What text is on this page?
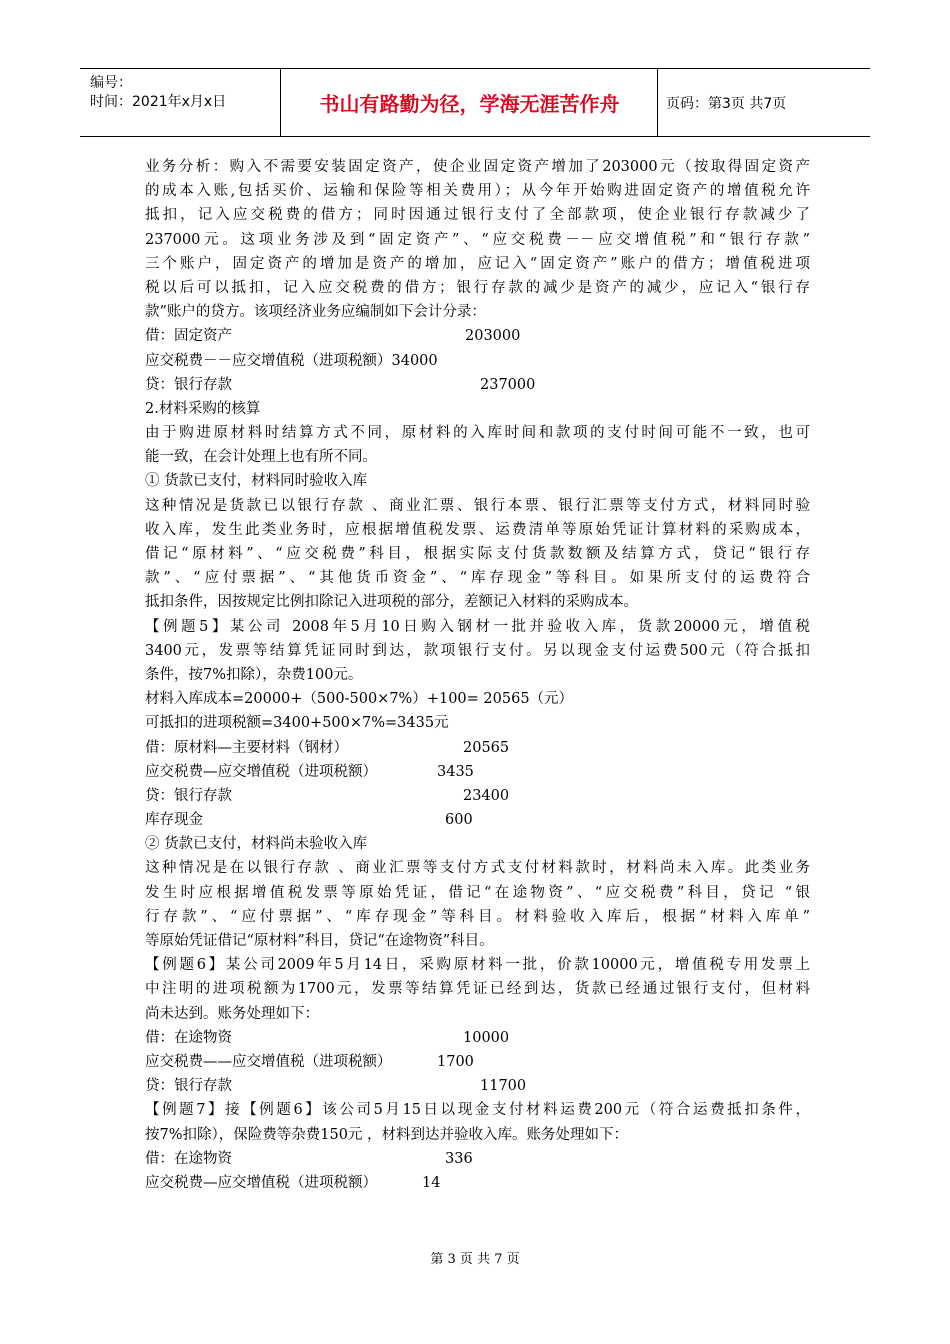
编号：
时间：2021年x月x日	书山有路勤为径，学海无涯苦作舟	页码：第3页 共7页
业务分析：购入不需要安装固定资产，使企业固定资产增加了203000元（按取得固定资产
的成本入账,包括买价、运输和保险等相关费用）；从今年开始购进固定资产的增值税允许
抵扣，记入应交税费的借方；同时因通过银行支付了全部款项，使企业银行存款减少了
237000元。这项业务涉及到“固定资产”、“应交税费－－应交增值税”和“银行存款”
三个账户，固定资产的增加是资产的增加，应记入“固定资产”账户的借方；增值税进项
税以后可以抵扣，记入应交税费的借方；银行存款的减少是资产的减少，应记入“银行存
款”账户的贷方。该项经济业务应编制如下会计分录：
借：固定资产	203000
应交税费－－应交增值税（进项税额）34000
贷：银行存款	237000
2.材料采购的核算
由于购进原材料时结算方式不同，原材料的入库时间和款项的支付时间可能不一致，也可
能一致，在会计处理上也有所不同。
① 货款已支付，材料同时验收入库
这种情况是货款已以银行存款 、商业汇票、银行本票、银行汇票等支付方式，材料同时验
收入库，发生此类业务时，应根据增值税发票、运费清单等原始凭证计算材料的采购成本，
借记“原材料”、“应交税费”科目，根据实际支付货款数额及结算方式，贷记“银行存
款”、“应付票据”、“其他货币资金”、“库存现金”等科目。如果所支付的运费符合
抵扣条件，因按规定比例扣除记入进项税的部分，差额记入材料的采购成本。
【例题5】某公司 2008年5月10日购入钢材一批并验收入库，货款20000元，增值税
3400元，发票等结算凭证同时到达，款项银行支付。另以现金支付运费500元（符合抵扣
条件，按7%扣除），杂费100元。
材料入库成本=20000+（500-500×7%）+100= 20565（元）
可抵扣的进项税额=3400+500×7%=3435元
借：原材料—主要材料（钢材）	20565
应交税费—应交增值税（进项税额）	3435
贷：银行存款	23400
库存现金	600
② 货款已支付，材料尚未验收入库
这种情况是在以银行存款 、商业汇票等支付方式支付材料款时，材料尚未入库。此类业务
发生时应根据增值税发票等原始凭证，借记“在途物资”、“应交税费”科目，贷记 “银
行存款”、“应付票据”、“库存现金”等科目。材料验收入库后，根据“材料入库单”
等原始凭证借记“原材料”科目，贷记“在途物资”科目。
【例题6】某公司2009年5月14日，采购原材料一批，价款10000元，增值税专用发票上
中注明的进项税额为1700元，发票等结算凭证已经到达，货款已经通过银行支付，但材料
尚未达到。账务处理如下：
借：在途物资	10000
应交税费——应交增值税（进项税额）	1700
贷：银行存款	11700
【例题7】接【例题6】该公司5月15日以现金支付材料运费200元（符合运费抵扣条件，
按7%扣除），保险费等杂费150元 ，材料到达并验收入库。账务处理如下：
借：在途物资	336
应交税费—应交增值税（进项税额）	14
第 3 页 共 7 页
